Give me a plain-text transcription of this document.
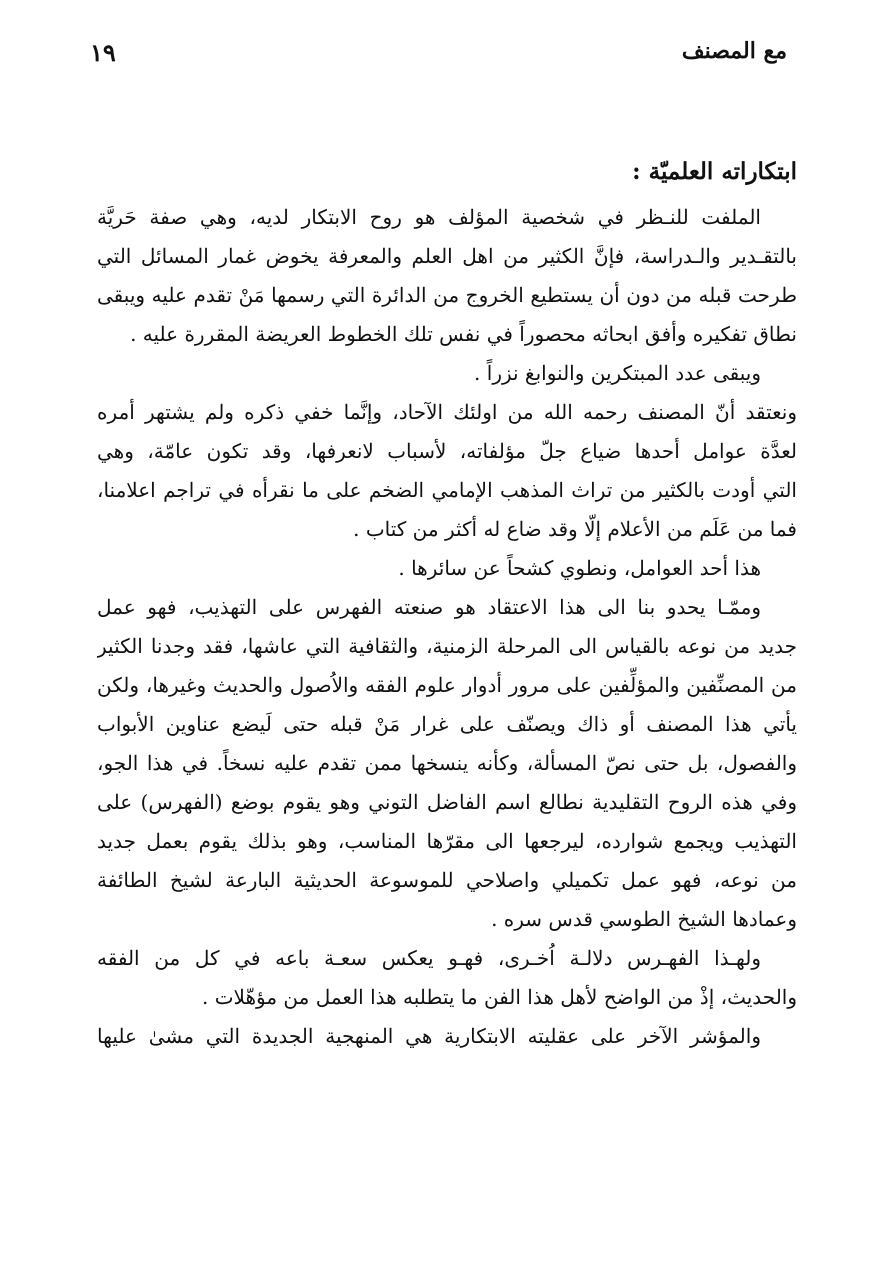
مع المصنف
١٩
ابتكاراته العلميّة :
الملفت للنـظر في شخصية المؤلف هو روح الابتكار لديه، وهي صفة حَريَّة
بالتقـدير والـدراسة، فإنَّ الكثير من اهل العلم والمعرفة يخوض غمار المسائل التي
طرحت قبله من دون أن يستطيع الخروج من الدائرة التي رسمها مَنْ تقدم عليه ويبقى
نطاق تفكيره وأفق ابحاثه محصوراً في نفس تلك الخطوط العريضة المقررة عليه .
ويبقى عدد المبتكرين والنوابغ نزراً .
ونعتقد أنّ المصنف رحمه الله من اولئك الآحاد، وإنَّما خفي ذكره ولم يشتهر أمره
لعدَّة عوامل أحدها ضياع جلّ مؤلفاته، لأسباب لانعرفها، وقد تكون عامّة، وهي
التي أودت بالكثير من تراث المذهب الإمامي الضخم على ما نقرأه في تراجم اعلامنا،
فما من عَلَم من الأعلام إلّا وقد ضاع له أكثر من كتاب .
هذا أحد العوامل، ونطوي كشحاً عن سائرها .
وممّـا يحدو بنا الى هذا الاعتقاد هو صنعته الفهرس على التهذيب، فهو عمل
جديد من نوعه بالقياس الى المرحلة الزمنية، والثقافية التي عاشها، فقد وجدنا الكثير
من المصنِّفين والمؤلِّفين على مرور أدوار علوم الفقه والاُصول والحديث وغيرها، ولكن
يأتي هذا المصنف أو ذاك ويصنّف على غرار مَنْ قبله حتى لَيضع عناوين الأبواب
والفصول، بل حتى نصّ المسألة، وكأنه ينسخها ممن تقدم عليه نسخاً. في هذا الجو،
وفي هذه الروح التقليدية نطالع اسم الفاضل التوني وهو يقوم بوضع (الفهرس) على
التهذيب ويجمع شوارده، ليرجعها الى مقرّها المناسب، وهو بذلك يقوم بعمل جديد
من نوعه، فهو عمل تكميلي واصلاحي للموسوعة الحديثية البارعة لشيخ الطائفة
وعمادها الشيخ الطوسي قدس سره .
ولهـذا الفهـرس دلالـة اُخـرى، فهـو يعكس سعـة باعه في كل من الفقه
والحديث، إذْ من الواضح لأهل هذا الفن ما يتطلبه هذا العمل من مؤهّلات .
والمؤشر الآخر على عقليته الابتكارية هي المنهجية الجديدة التي مشىٰ عليها
